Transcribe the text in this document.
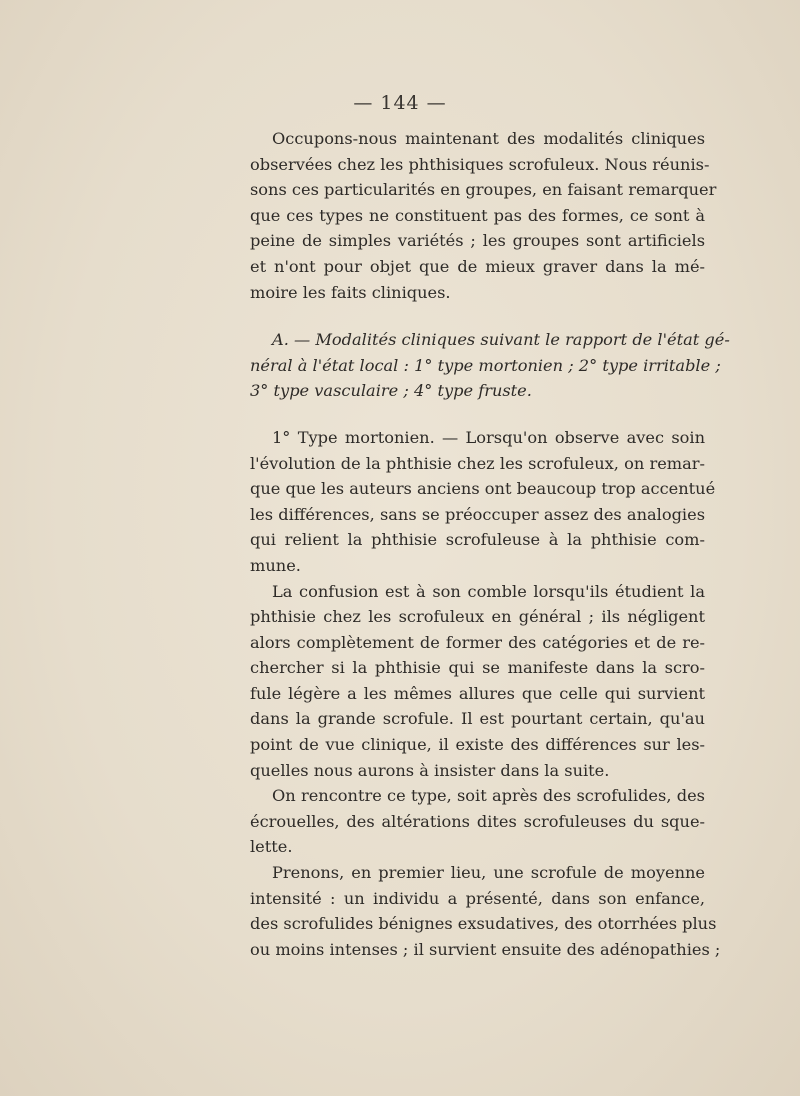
— 144 —

Occupons-nous maintenant des modalités cliniques
observées chez les phthisiques scrofuleux. Nous réunis-
sons ces particularités en groupes, en faisant remarquer
que ces types ne constituent pas des formes, ce sont à
peine de simples variétés ; les groupes sont artificiels
et n'ont pour objet que de mieux graver dans la mé-
moire les faits cliniques.

A. — Modalités cliniques suivant le rapport de l'état gé-
néral à l'état local : 1° type mortonien ; 2° type irritable ;
3° type vasculaire ; 4° type fruste.

1° Type mortonien. — Lorsqu'on observe avec soin
l'évolution de la phthisie chez les scrofuleux, on remar-
que que les auteurs anciens ont beaucoup trop accentué
les différences, sans se préoccuper assez des analogies
qui relient la phthisie scrofuleuse à la phthisie com-
mune.

La confusion est à son comble lorsqu'ils étudient la
phthisie chez les scrofuleux en général ; ils négligent
alors complètement de former des catégories et de re-
chercher si la phthisie qui se manifeste dans la scro-
fule légère a les mêmes allures que celle qui survient
dans la grande scrofule. Il est pourtant certain, qu'au
point de vue clinique, il existe des différences sur les-
quelles nous aurons à insister dans la suite.

On rencontre ce type, soit après des scrofulides, des
écrouelles, des altérations dites scrofuleuses du sque-
lette.

Prenons, en premier lieu, une scrofule de moyenne
intensité : un individu a présenté, dans son enfance,
des scrofulides bénignes exsudatives, des otorrhées plus
ou moins intenses ; il survient ensuite des adénopathies ;
